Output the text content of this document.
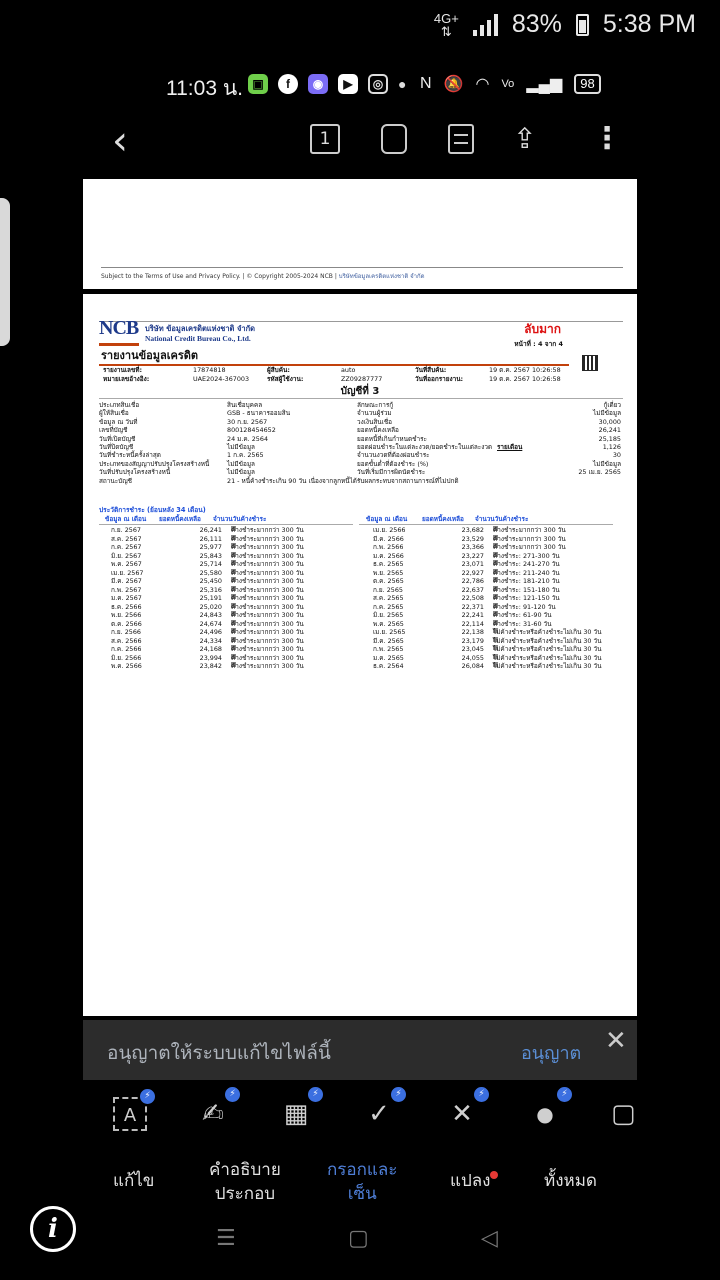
4G+
⇅ 83% 5:38 PM
11:03 น. ▣	f	◉	▶	◎	● N 🔕 ◠ Vo ▂▄▆	98
‹	1	⇪ ⋮
Subject to the Terms of Use and Privacy Policy. | © Copyright 2005-2024 NCB | บริษัทข้อมูลเครดิตแห่งชาติ จำกัด
NCB บริษัท ข้อมูลเครดิตแห่งชาติ จำกัด
National Credit Bureau Co., Ltd.
ลับมาก
หน้าที่ : 4 จาก 4
รายงานข้อมูลเครดิต
รายงานเลขที่:	17874818	ผู้สืบค้น:	auto	วันที่สืบค้น:	19 ต.ค. 2567 10:26:58
หมายเลขอ้างอิง:	UAE2024-367003	รหัสผู้ใช้งาน:	ZZ09287777	วันที่ออกรายงาน:	19 ต.ค. 2567 10:26:58
บัญชีที่ 3
ประเภทสินเชื่อ	สินเชื่อบุคคล	ลักษณะการกู้	กู้เดี่ยว
ผู้ให้สินเชื่อ	GSB - ธนาคารออมสิน	จำนวนผู้ร่วม	ไม่มีข้อมูล
ข้อมูล ณ วันที่	30 ก.ย. 2567	วงเงินสินเชื่อ	30,000
เลขที่บัญชี	800128454652	ยอดหนี้คงเหลือ	26,241
วันที่เปิดบัญชี	24 ม.ค. 2564	ยอดหนี้ที่เกินกำหนดชำระ	25,185
วันที่ปิดบัญชี	ไม่มีข้อมูล	ยอดผ่อนชำระในแต่ละงวด/ยอดชำระในแต่ละงวด รายเดือน	1,126
วันที่ชำระหนี้ครั้งล่าสุด	1 ก.ค. 2565	จำนวนงวดที่ต้องผ่อนชำระ	30
ประเภทของสัญญาปรับปรุงโครงสร้างหนี้	ไม่มีข้อมูล	ยอดขั้นต่ำที่ต้องชำระ (%)	ไม่มีข้อมูล
วันที่ปรับปรุงโครงสร้างหนี้	ไม่มีข้อมูล	วันที่เริ่มมีการผิดนัดชำระ	25 เม.ย. 2565
สถานะบัญชี	21 - หนี้ค้างชำระเกิน 90 วัน เนื่องจากลูกหนี้ได้รับผลกระทบจากสถานการณ์ที่ไม่ปกติ
ประวัติการชำระ (ย้อนหลัง 34 เดือน)
ข้อมูล ณ เดือน ยอดหนี้คงเหลือ จำนวนวันค้างชำระ	ข้อมูล ณ เดือน ยอดหนี้คงเหลือ จำนวนวันค้างชำระ
ก.ย. 2567	26,241 ค้างชำระมากกว่า 300 วัน
ส.ค. 2567	26,111 ค้างชำระมากกว่า 300 วัน
ก.ค. 2567	25,977 ค้างชำระมากกว่า 300 วัน
มิ.ย. 2567	25,843 ค้างชำระมากกว่า 300 วัน
พ.ค. 2567	25,714 ค้างชำระมากกว่า 300 วัน
เม.ย. 2567	25,580 ค้างชำระมากกว่า 300 วัน
มี.ค. 2567	25,450 ค้างชำระมากกว่า 300 วัน
ก.พ. 2567	25,316 ค้างชำระมากกว่า 300 วัน
ม.ค. 2567	25,191 ค้างชำระมากกว่า 300 วัน
ธ.ค. 2566	25,020 ค้างชำระมากกว่า 300 วัน
พ.ย. 2566	24,843 ค้างชำระมากกว่า 300 วัน
ต.ค. 2566	24,674 ค้างชำระมากกว่า 300 วัน
ก.ย. 2566	24,496 ค้างชำระมากกว่า 300 วัน
ส.ค. 2566	24,334 ค้างชำระมากกว่า 300 วัน
ก.ค. 2566	24,168 ค้างชำระมากกว่า 300 วัน
มิ.ย. 2566	23,994 ค้างชำระมากกว่า 300 วัน
พ.ค. 2566	23,842 ค้างชำระมากกว่า 300 วัน
เม.ย. 2566	23,682 ค้างชำระมากกว่า 300 วัน
มี.ค. 2566	23,529 ค้างชำระมากกว่า 300 วัน
ก.พ. 2566	23,366 ค้างชำระมากกว่า 300 วัน
ม.ค. 2566	23,227 ค้างชำระ: 271-300 วัน
ธ.ค. 2565	23,071 ค้างชำระ: 241-270 วัน
พ.ย. 2565	22,927 ค้างชำระ: 211-240 วัน
ต.ค. 2565	22,786 ค้างชำระ: 181-210 วัน
ก.ย. 2565	22,637 ค้างชำระ: 151-180 วัน
ส.ค. 2565	22,508 ค้างชำระ: 121-150 วัน
ก.ค. 2565	22,371 ค้างชำระ: 91-120 วัน
มิ.ย. 2565	22,241 ค้างชำระ: 61-90 วัน
พ.ค. 2565	22,114 ค้างชำระ: 31-60 วัน
เม.ย. 2565	22,138 ไม่ค้างชำระหรือค้างชำระไม่เกิน 30 วัน
มี.ค. 2565	23,179 ไม่ค้างชำระหรือค้างชำระไม่เกิน 30 วัน
ก.พ. 2565	23,045 ไม่ค้างชำระหรือค้างชำระไม่เกิน 30 วัน
ม.ค. 2565	24,055 ไม่ค้างชำระหรือค้างชำระไม่เกิน 30 วัน
ธ.ค. 2564	26,084 ไม่ค้างชำระหรือค้างชำระไม่เกิน 30 วัน
อนุญาตให้ระบบแก้ไขไฟล์นี้	อนุญาต ✕
A
⚡
✍
⚡
▦
⚡
✓
⚡
✕
⚡
●
⚡
▢
แก้ไข
คำอธิบาย
ประกอบ
กรอกและ
เซ็น
แปลง	ทั้งหมด
i	☰	▢	◁
